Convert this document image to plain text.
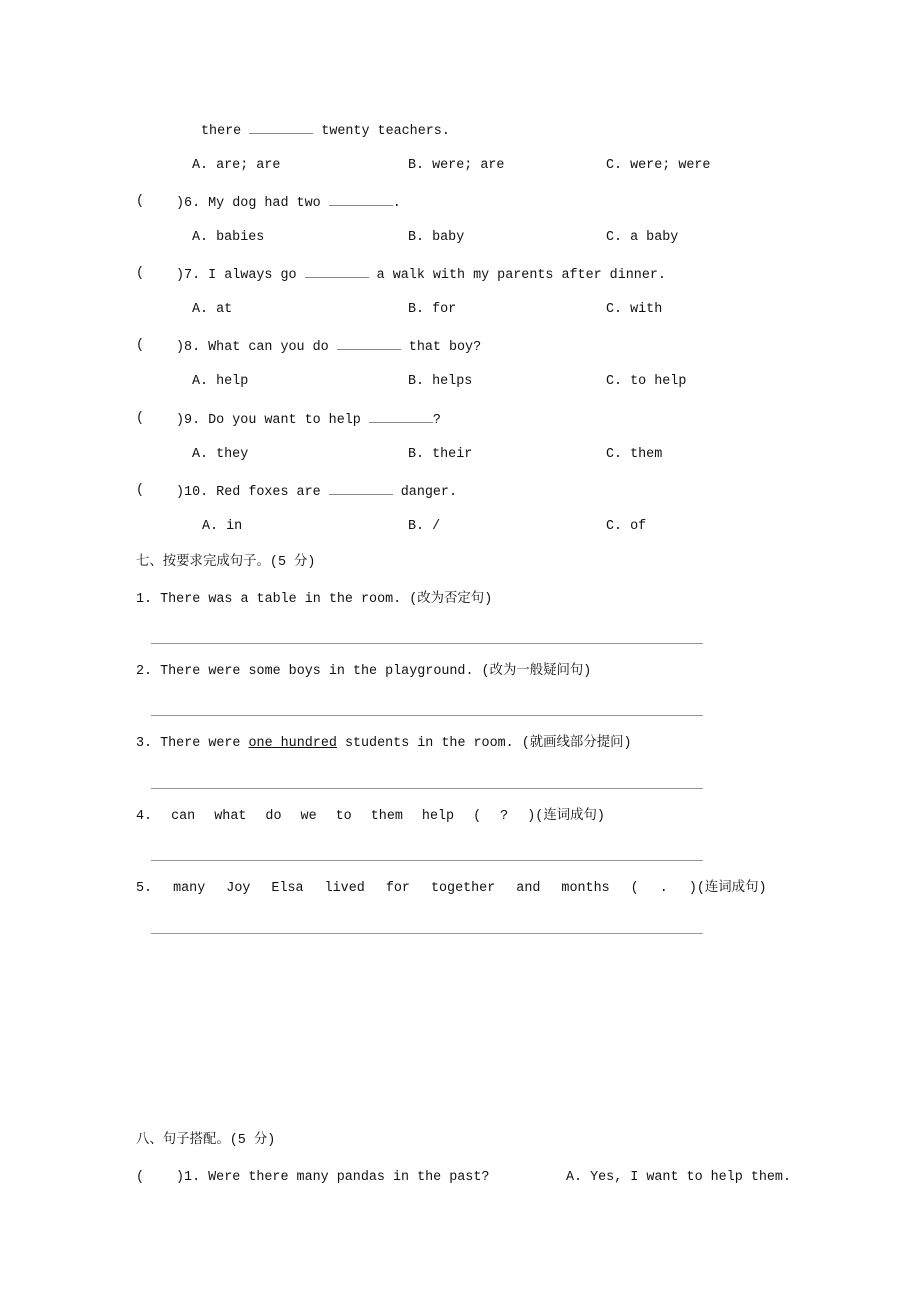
there	twenty teachers.
A. are; are	B. were; are	C. were; were
( )6. My dog had two	.
A. babies	B. baby	C. a baby
( )7. I always go	a walk with my parents after dinner.
A. at	B. for	C. with
( )8. What can you do	that boy?
A. help	B. helps	C. to help
( )9. Do you want to help	?
A. they	B. their	C. them
( )10. Red foxes are	danger.
A. in	B. /	C. of
七、按要求完成句子。(5 分)
1. There was a table in the room. (改为否定句)
2. There were some boys in the playground. (改为一般疑问句)
3. There were one hundred students in the room. (就画线部分提问)
4. can what do we to them help ( ? )(连词成句)
5. many Joy Elsa lived for together and months ( . )(连词成句)
八、句子搭配。(5 分)
( )1. Were there many pandas in the past?	A. Yes, I want to help them.
